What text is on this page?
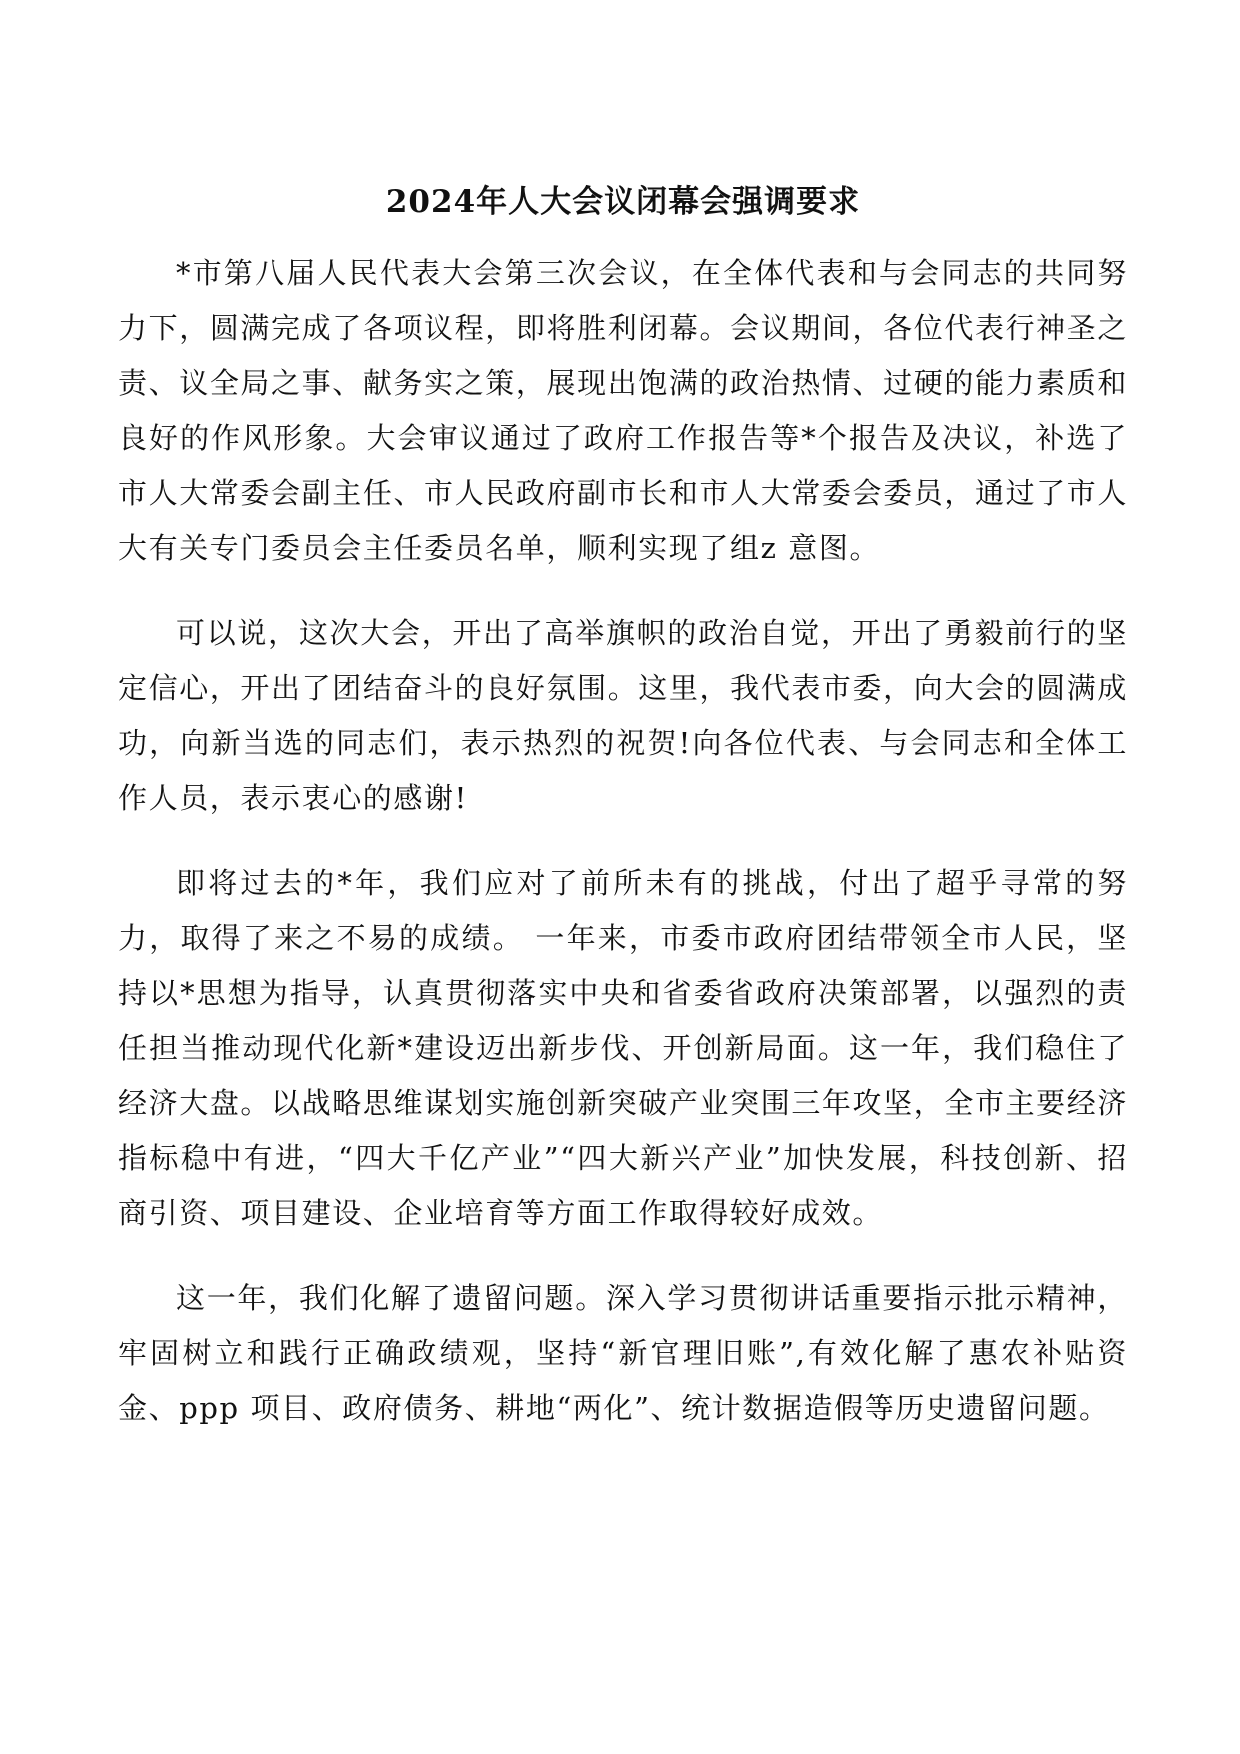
2024年人大会议闭幕会强调要求

*市第八届人民代表大会第三次会议，在全体代表和与会同志的共同努力下，圆满完成了各项议程，即将胜利闭幕。会议期间，各位代表行神圣之责、议全局之事、献务实之策，展现出饱满的政治热情、过硬的能力素质和良好的作风形象。大会审议通过了政府工作报告等*个报告及决议，补选了市人大常委会副主任、市人民政府副市长和市人大常委会委员，通过了市人大有关专门委员会主任委员名单，顺利实现了组z 意图。

可以说，这次大会，开出了高举旗帜的政治自觉，开出了勇毅前行的坚定信心，开出了团结奋斗的良好氛围。这里，我代表市委，向大会的圆满成功，向新当选的同志们，表示热烈的祝贺!向各位代表、与会同志和全体工作人员，表示衷心的感谢!

即将过去的*年，我们应对了前所未有的挑战，付出了超乎寻常的努力，取得了来之不易的成绩。 一年来，市委市政府团结带领全市人民，坚持以*思想为指导，认真贯彻落实中央和省委省政府决策部署，以强烈的责任担当推动现代化新*建设迈出新步伐、开创新局面。这一年，我们稳住了经济大盘。以战略思维谋划实施创新突破产业突围三年攻坚，全市主要经济指标稳中有进，“四大千亿产业”“四大新兴产业”加快发展，科技创新、招商引资、项目建设、企业培育等方面工作取得较好成效。

这一年，我们化解了遗留问题。深入学习贯彻讲话重要指示批示精神，牢固树立和践行正确政绩观，坚持“新官理旧账”,有效化解了惠农补贴资金、ppp 项目、政府债务、耕地“两化”、统计数据造假等历史遗留问题。
